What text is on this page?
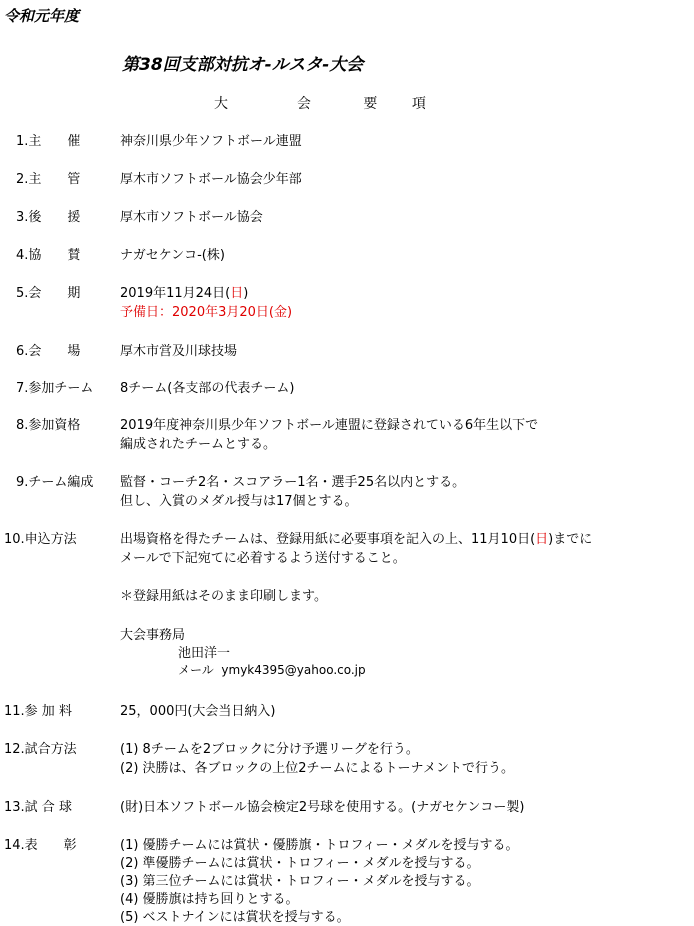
令和元年度
第38回支部対抗オ-ルスタ-大会
大	会	要 項
1.主　　催	神奈川県少年ソフトボール連盟
2.主　　管	厚木市ソフトボール協会少年部
3.後　　援	厚木市ソフトボール協会
4.協　　賛	ナガセケンコ-(株)
5.会　　期	2019年11月24日(日)
予備日：2020年3月20日(金)
6.会　　場	厚木市営及川球技場
7.参加チーム 8チーム(各支部の代表チーム)
8.参加資格	2019年度神奈川県少年ソフトボール連盟に登録されている6年生以下で
編成されたチームとする。
9.チーム編成 監督・コーチ2名・スコアラー1名・選手25名以内とする。
但し、入賞のメダル授与は17個とする。
10.申込方法	出場資格を得たチームは、登録用紙に必要事項を記入の上、11月10日(日)までに
メールで下記宛てに必着するよう送付すること。
＊登録用紙はそのまま印刷します。
大会事務局
池田洋一
メール ymyk4395@yahoo.co.jp
11.参 加 料	25，000円(大会当日納入)
12.試合方法	(1) 8チームを2ブロックに分け予選リーグを行う。
(2) 決勝は、各ブロックの上位2チームによるトーナメントで行う。
13.試 合 球	(財)日本ソフトボール協会検定2号球を使用する。(ナガセケンコー製)
14.表　　彰	(1) 優勝チームには賞状・優勝旗・トロフィー・メダルを授与する。
(2) 準優勝チームには賞状・トロフィー・メダルを授与する。
(3) 第三位チームには賞状・トロフィー・メダルを授与する。
(4) 優勝旗は持ち回りとする。
(5) ベストナインには賞状を授与する。
